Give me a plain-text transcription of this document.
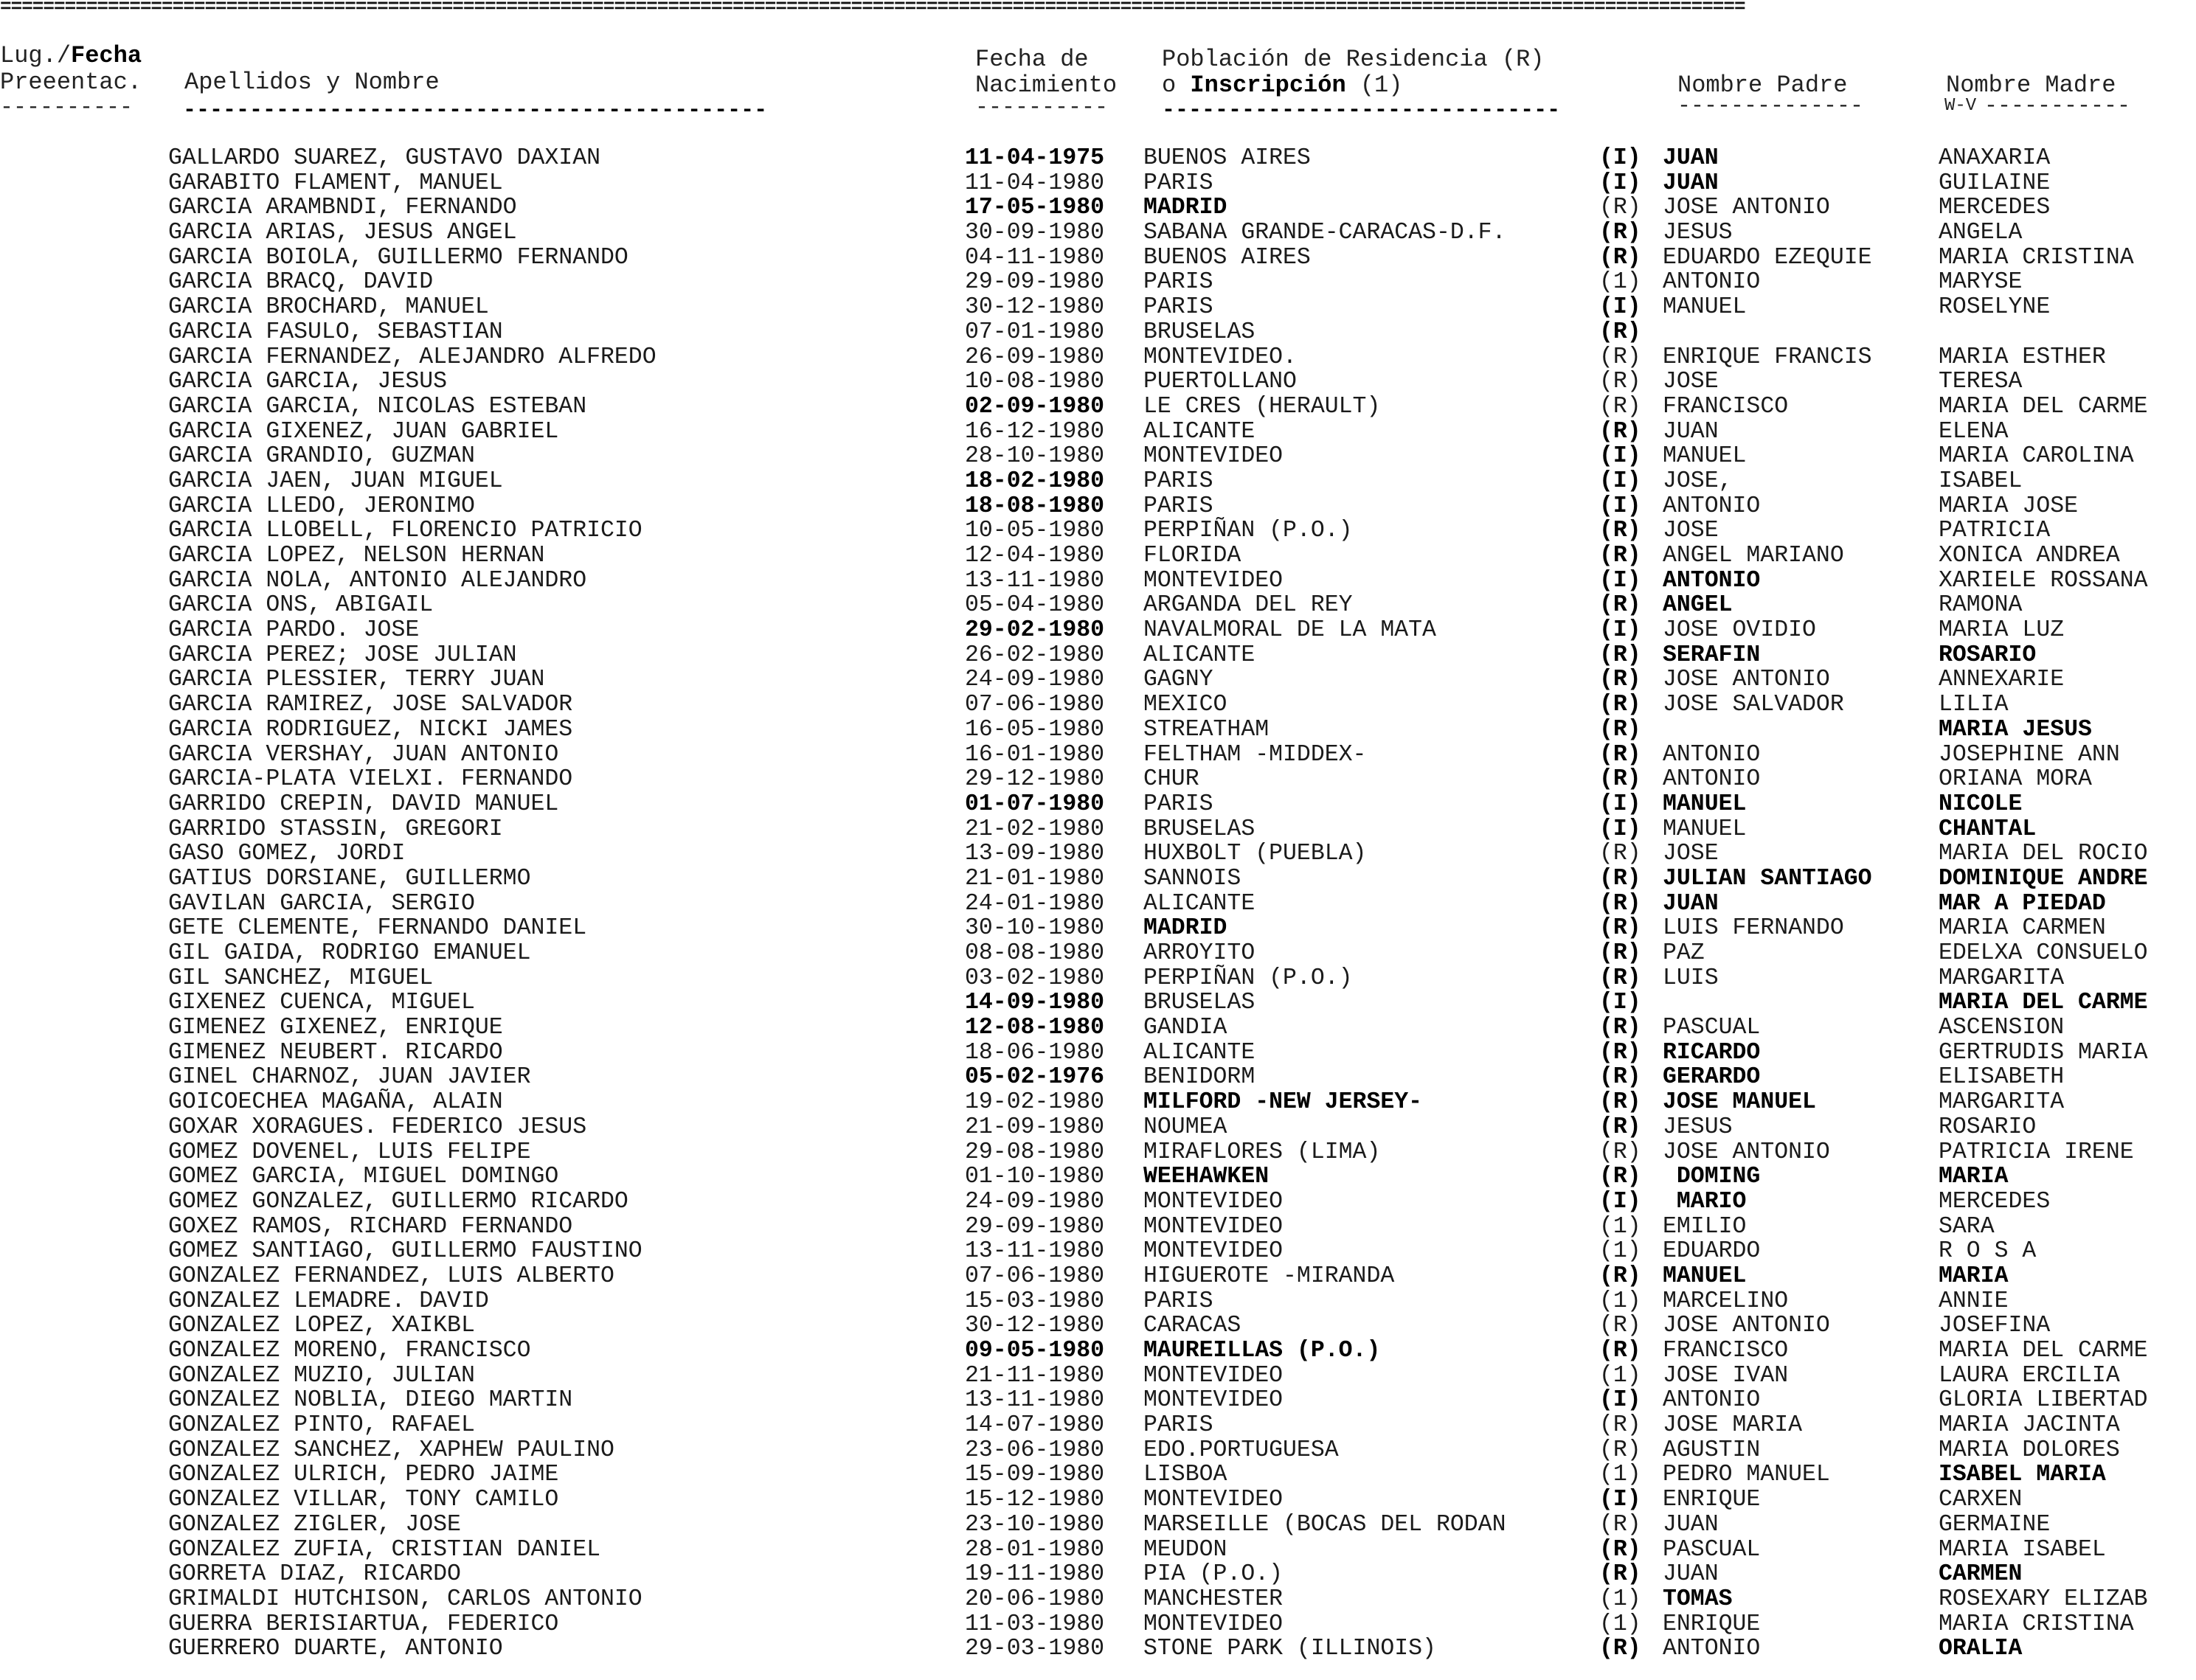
==================================================================================================================================================================
Lug./Fecha
Preeentac. Apellidos y Nombre
Fecha de
Nacimiento
Población de Residencia (R)
o Inscripción (1)	Nombre Padre	Nombre Madre
---------- --------------------------------------------	---------- ------------------------------	--------------	W-V -----------
GALLARDO SUAREZ, GUSTAVO DAXIAN	11-04-1975 BUENOS AIRES	(I) JUAN	ANAXARIA
GARABITO FLAMENT, MANUEL	11-04-1980 PARIS	(I) JUAN	GUILAINE
GARCIA ARAMBNDI, FERNANDO	17-05-1980 MADRID	(R) JOSE ANTONIO	MERCEDES
GARCIA ARIAS, JESUS ANGEL	30-09-1980 SABANA GRANDE-CARACAS-D.F.	(R) JESUS	ANGELA
GARCIA BOIOLA, GUILLERMO FERNANDO	04-11-1980 BUENOS AIRES	(R) EDUARDO EZEQUIE	MARIA CRISTINA
GARCIA BRACQ, DAVID	29-09-1980 PARIS	(1) ANTONIO	MARYSE
GARCIA BROCHARD, MANUEL	30-12-1980 PARIS	(I) MANUEL	ROSELYNE
GARCIA FASULO, SEBASTIAN	07-01-1980 BRUSELAS	(R)
GARCIA FERNANDEZ, ALEJANDRO ALFREDO	26-09-1980 MONTEVIDEO.	(R) ENRIQUE FRANCIS	MARIA ESTHER
GARCIA GARCIA, JESUS	10-08-1980 PUERTOLLANO	(R) JOSE	TERESA
GARCIA GARCIA, NICOLAS ESTEBAN	02-09-1980 LE CRES (HERAULT)	(R) FRANCISCO	MARIA DEL CARME
GARCIA GIXENEZ, JUAN GABRIEL	16-12-1980 ALICANTE	(R) JUAN	ELENA
GARCIA GRANDIO, GUZMAN	28-10-1980 MONTEVIDEO	(I) MANUEL	MARIA CAROLINA
GARCIA JAEN, JUAN MIGUEL	18-02-1980 PARIS	(I) JOSE,	ISABEL
GARCIA LLEDO, JERONIMO	18-08-1980 PARIS	(I) ANTONIO	MARIA JOSE
GARCIA LLOBELL, FLORENCIO PATRICIO	10-05-1980 PERPIÑAN (P.O.)	(R) JOSE	PATRICIA
GARCIA LOPEZ, NELSON HERNAN	12-04-1980 FLORIDA	(R) ANGEL MARIANO	XONICA ANDREA
GARCIA NOLA, ANTONIO ALEJANDRO	13-11-1980 MONTEVIDEO	(I) ANTONIO	XARIELE ROSSANA
GARCIA ONS, ABIGAIL	05-04-1980 ARGANDA DEL REY	(R) ANGEL	RAMONA
GARCIA PARDO. JOSE	29-02-1980 NAVALMORAL DE LA MATA	(I) JOSE OVIDIO	MARIA LUZ
GARCIA PEREZ; JOSE JULIAN	26-02-1980 ALICANTE	(R) SERAFIN	ROSARIO
GARCIA PLESSIER, TERRY JUAN	24-09-1980 GAGNY	(R) JOSE ANTONIO	ANNEXARIE
GARCIA RAMIREZ, JOSE SALVADOR	07-06-1980 MEXICO	(R) JOSE SALVADOR	LILIA
GARCIA RODRIGUEZ, NICKI JAMES	16-05-1980 STREATHAM	(R)	MARIA JESUS
GARCIA VERSHAY, JUAN ANTONIO	16-01-1980 FELTHAM -MIDDEX-	(R) ANTONIO	JOSEPHINE ANN
GARCIA-PLATA VIELXI. FERNANDO	29-12-1980 CHUR	(R) ANTONIO	ORIANA MORA
GARRIDO CREPIN, DAVID MANUEL	01-07-1980 PARIS	(I) MANUEL	NICOLE
GARRIDO STASSIN, GREGORI	21-02-1980 BRUSELAS	(I) MANUEL	CHANTAL
GASO GOMEZ, JORDI	13-09-1980 HUXBOLT (PUEBLA)	(R) JOSE	MARIA DEL ROCIO
GATIUS DORSIANE, GUILLERMO	21-01-1980 SANNOIS	(R) JULIAN SANTIAGO	DOMINIQUE ANDRE
GAVILAN GARCIA, SERGIO	24-01-1980 ALICANTE	(R) JUAN	MAR A PIEDAD
GETE CLEMENTE, FERNANDO DANIEL	30-10-1980 MADRID	(R) LUIS FERNANDO	MARIA CARMEN
GIL GAIDA, RODRIGO EMANUEL	08-08-1980 ARROYITO	(R) PAZ	EDELXA CONSUELO
GIL SANCHEZ, MIGUEL	03-02-1980 PERPIÑAN (P.O.)	(R) LUIS	MARGARITA
GIXENEZ CUENCA, MIGUEL	14-09-1980 BRUSELAS	(I)	MARIA DEL CARME
GIMENEZ GIXENEZ, ENRIQUE	12-08-1980 GANDIA	(R) PASCUAL	ASCENSION
GIMENEZ NEUBERT. RICARDO	18-06-1980 ALICANTE	(R) RICARDO	GERTRUDIS MARIA
GINEL CHARNOZ, JUAN JAVIER	05-02-1976 BENIDORM	(R) GERARDO	ELISABETH
GOICOECHEA MAGAÑA, ALAIN	19-02-1980 MILFORD -NEW JERSEY-	(R) JOSE MANUEL	MARGARITA
GOXAR XORAGUES. FEDERICO JESUS	21-09-1980 NOUMEA	(R) JESUS	ROSARIO
GOMEZ DOVENEL, LUIS FELIPE	29-08-1980 MIRAFLORES (LIMA)	(R) JOSE ANTONIO	PATRICIA IRENE
GOMEZ GARCIA, MIGUEL DOMINGO	01-10-1980 WEEHAWKEN	(R) DOMING	MARIA
GOMEZ GONZALEZ, GUILLERMO RICARDO	24-09-1980 MONTEVIDEO	(I) MARIO	MERCEDES
GOXEZ RAMOS, RICHARD FERNANDO	29-09-1980 MONTEVIDEO	(1) EMILIO	SARA
GOMEZ SANTIAGO, GUILLERMO FAUSTINO	13-11-1980 MONTEVIDEO	(1) EDUARDO	R O S A
GONZALEZ FERNANDEZ, LUIS ALBERTO	07-06-1980 HIGUEROTE -MIRANDA	(R) MANUEL	MARIA
GONZALEZ LEMADRE. DAVID	15-03-1980 PARIS	(1) MARCELINO	ANNIE
GONZALEZ LOPEZ, XAIKBL	30-12-1980 CARACAS	(R) JOSE ANTONIO	JOSEFINA
GONZALEZ MORENO, FRANCISCO	09-05-1980 MAUREILLAS (P.O.)	(R) FRANCISCO	MARIA DEL CARME
GONZALEZ MUZIO, JULIAN	21-11-1980 MONTEVIDEO	(1) JOSE IVAN	LAURA ERCILIA
GONZALEZ NOBLIA, DIEGO MARTIN	13-11-1980 MONTEVIDEO	(I) ANTONIO	GLORIA LIBERTAD
GONZALEZ PINTO, RAFAEL	14-07-1980 PARIS	(R) JOSE MARIA	MARIA JACINTA
GONZALEZ SANCHEZ, XAPHEW PAULINO	23-06-1980 EDO.PORTUGUESA	(R) AGUSTIN	MARIA DOLORES
GONZALEZ ULRICH, PEDRO JAIME	15-09-1980 LISBOA	(1) PEDRO MANUEL	ISABEL MARIA
GONZALEZ VILLAR, TONY CAMILO	15-12-1980 MONTEVIDEO	(I) ENRIQUE	CARXEN
GONZALEZ ZIGLER, JOSE	23-10-1980 MARSEILLE (BOCAS DEL RODAN	(R) JUAN	GERMAINE
GONZALEZ ZUFIA, CRISTIAN DANIEL	28-01-1980 MEUDON	(R) PASCUAL	MARIA ISABEL
GORRETA DIAZ, RICARDO	19-11-1980 PIA (P.O.)	(R) JUAN	CARMEN
GRIMALDI HUTCHISON, CARLOS ANTONIO	20-06-1980 MANCHESTER	(1) TOMAS	ROSEXARY ELIZAB
GUERRA BERISIARTUA, FEDERICO	11-03-1980 MONTEVIDEO	(1) ENRIQUE	MARIA CRISTINA
GUERRERO DUARTE, ANTONIO	29-03-1980 STONE PARK (ILLINOIS)	(R) ANTONIO	ORALIA
